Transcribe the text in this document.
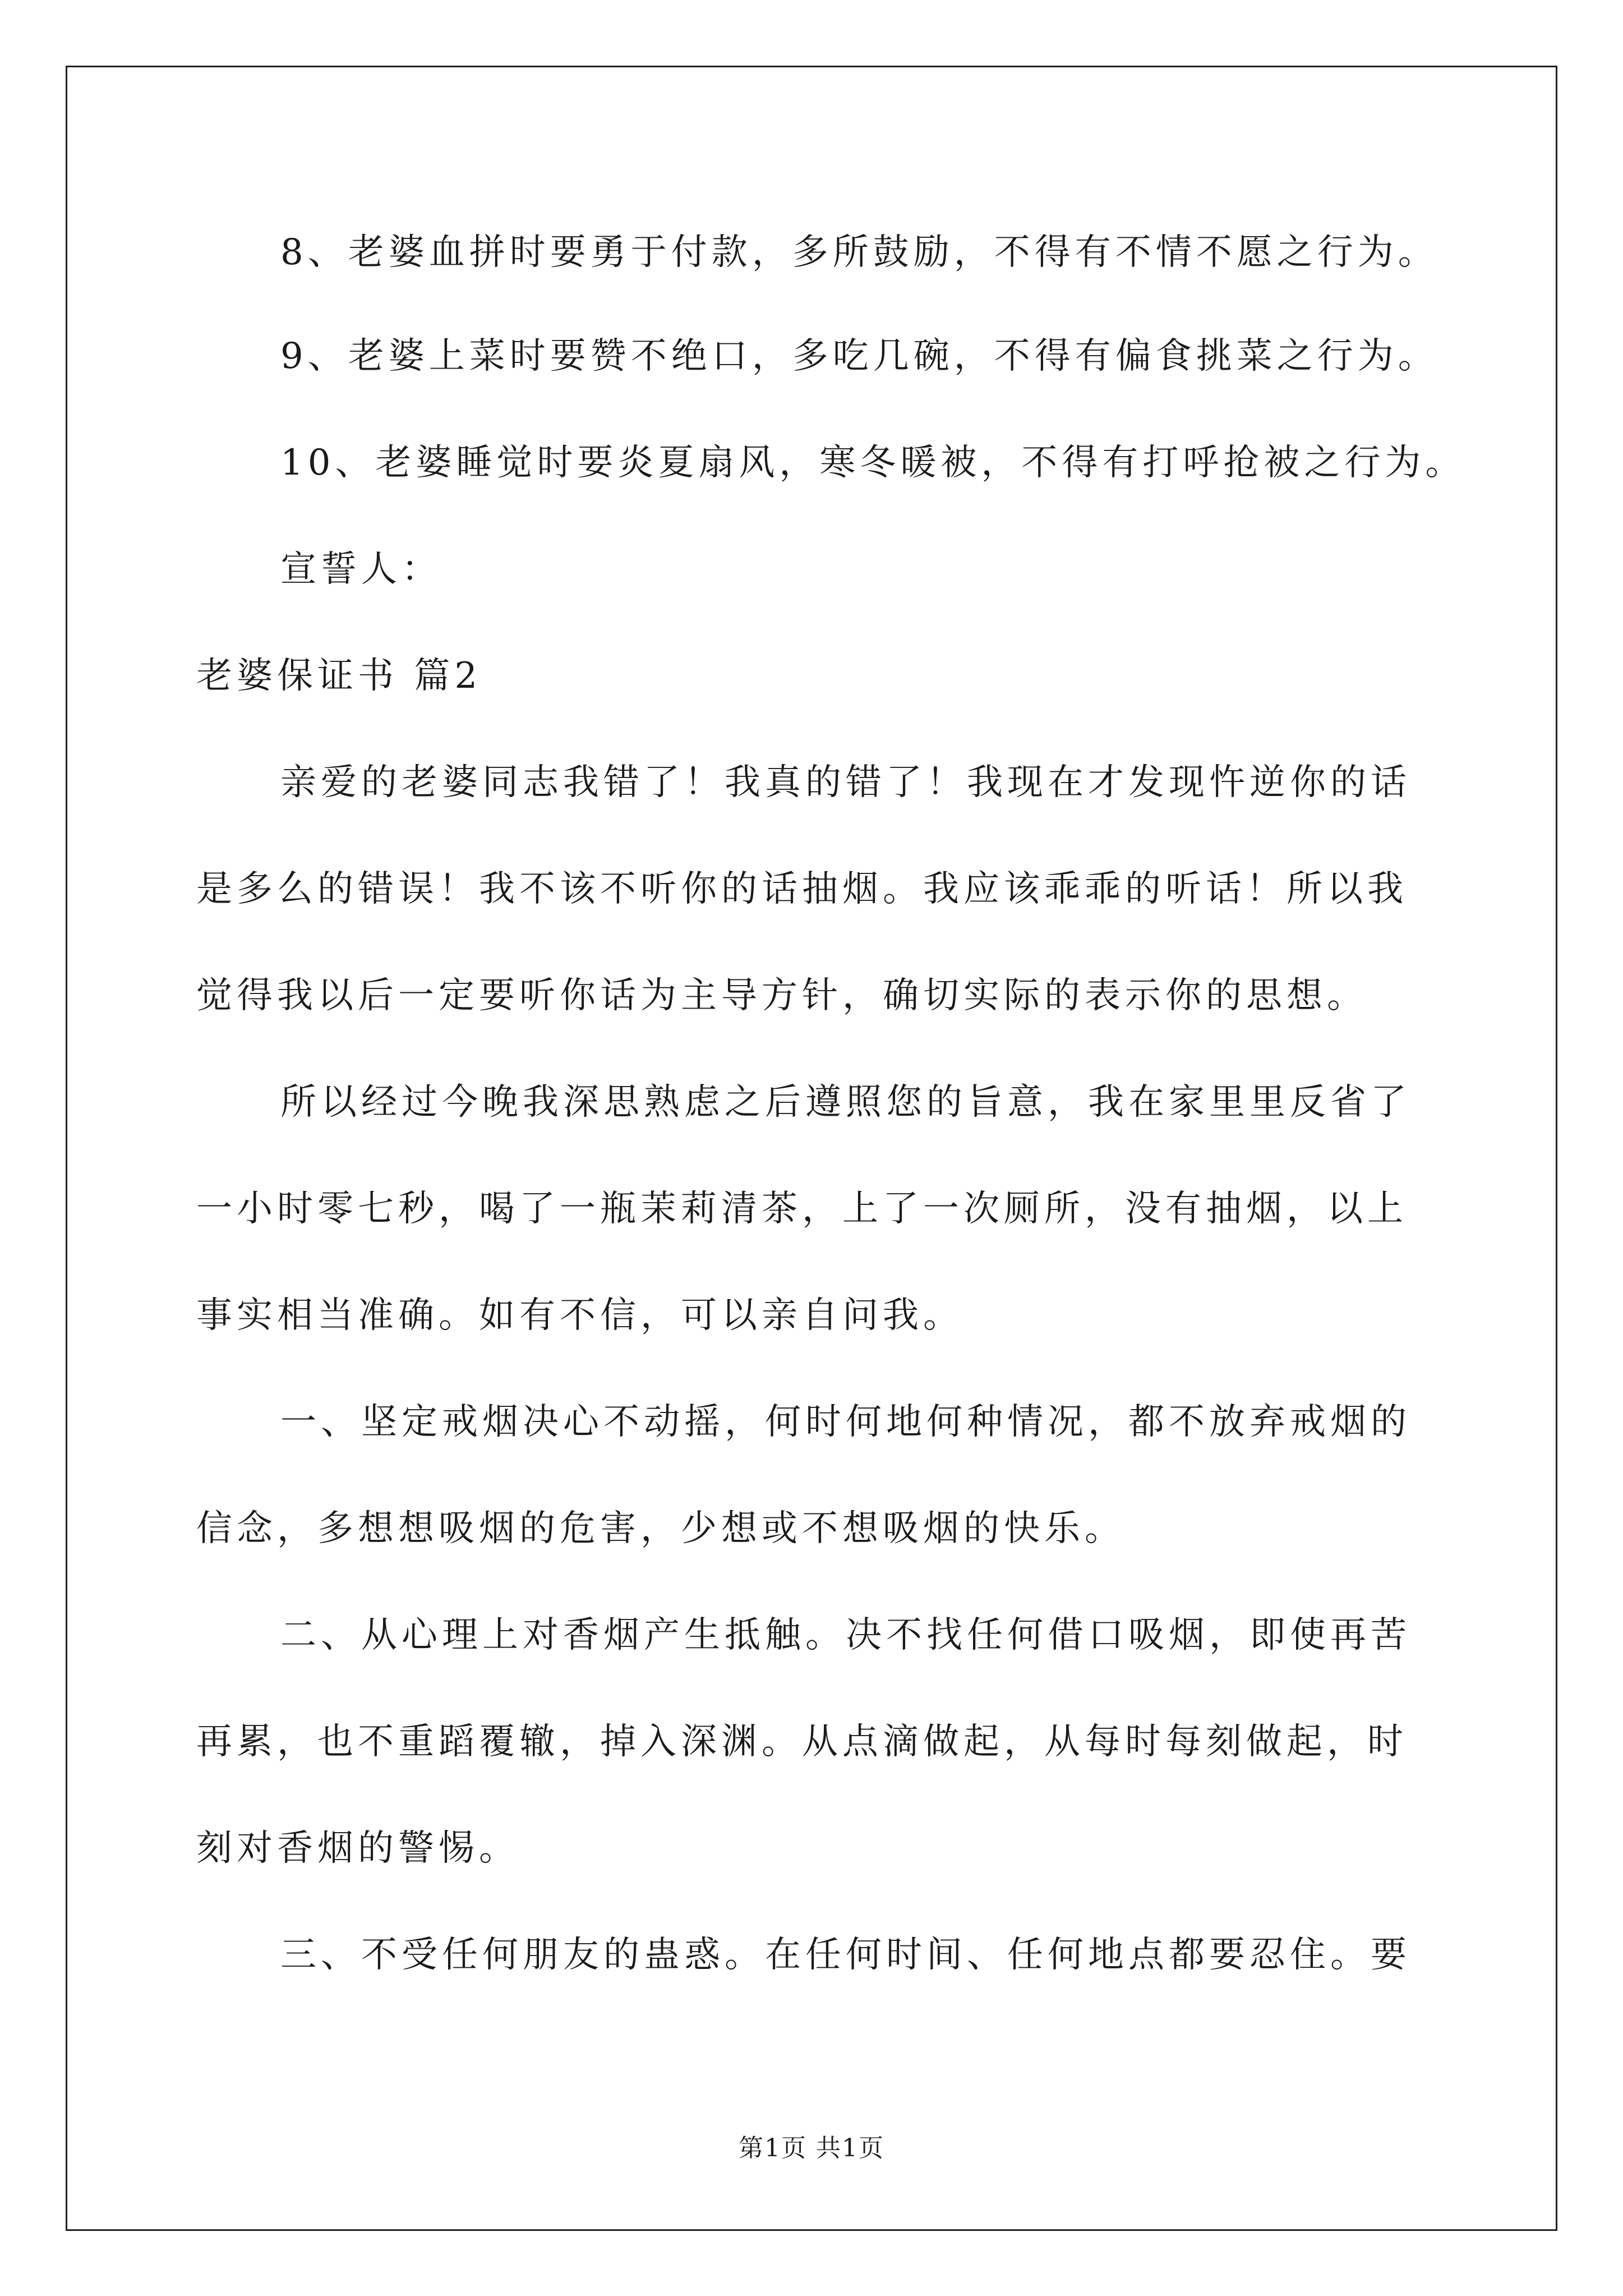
8、老婆血拼时要勇于付款，多所鼓励，不得有不情不愿之行为。
9、老婆上菜时要赞不绝口，多吃几碗，不得有偏食挑菜之行为。
10、老婆睡觉时要炎夏扇风，寒冬暖被，不得有打呼抢被之行为。
宣誓人：
老婆保证书 篇2
亲爱的老婆同志我错了！我真的错了！我现在才发现忤逆你的话
是多么的错误！我不该不听你的话抽烟。我应该乖乖的听话！所以我
觉得我以后一定要听你话为主导方针，确切实际的表示你的思想。
所以经过今晚我深思熟虑之后遵照您的旨意，我在家里里反省了
一小时零七秒，喝了一瓶茉莉清茶，上了一次厕所，没有抽烟，以上
事实相当准确。如有不信，可以亲自问我。
一、坚定戒烟决心不动摇，何时何地何种情况，都不放弃戒烟的
信念，多想想吸烟的危害，少想或不想吸烟的快乐。
二、从心理上对香烟产生抵触。决不找任何借口吸烟，即使再苦
再累，也不重蹈覆辙，掉入深渊。从点滴做起，从每时每刻做起，时
刻对香烟的警惕。
三、不受任何朋友的蛊惑。在任何时间、任何地点都要忍住。要
第1页 共1页
